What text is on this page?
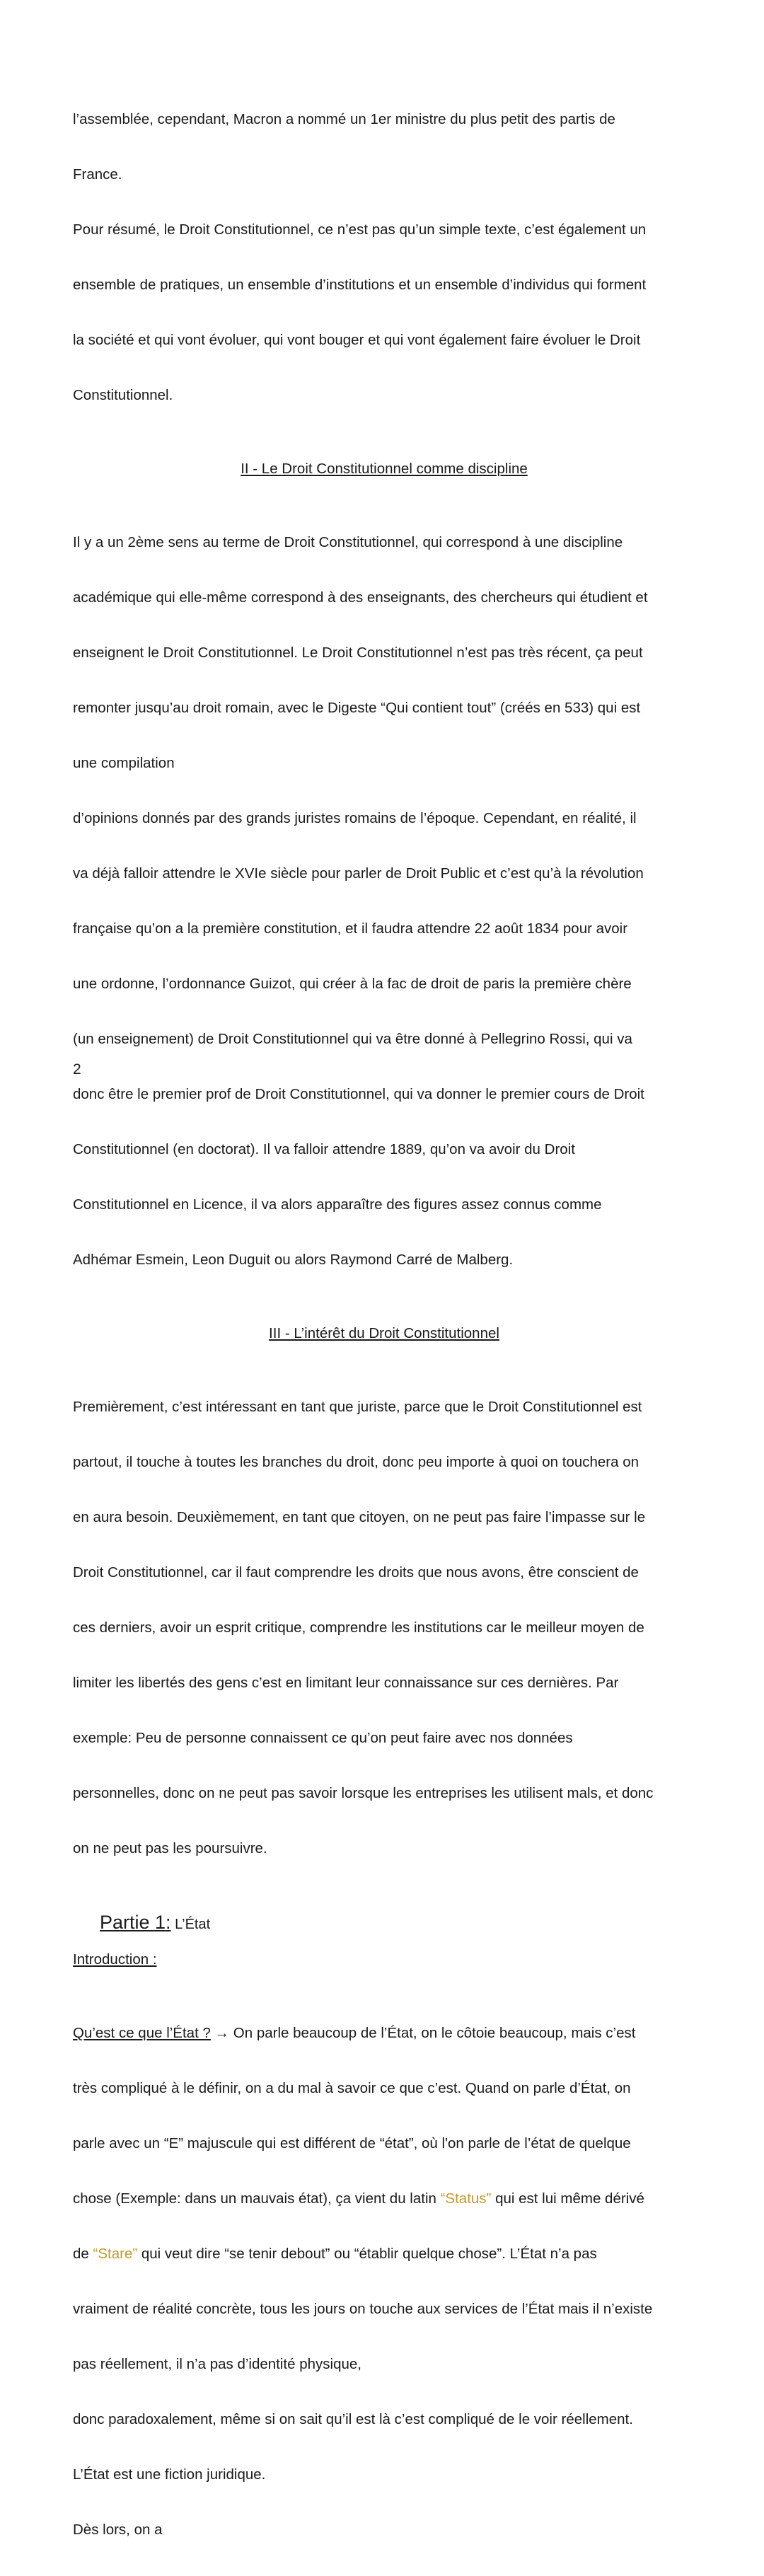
l’assemblée, cependant, Macron a nommé un 1er ministre du plus petit des partis de

France.

Pour résumé, le Droit Constitutionnel, ce n’est pas qu’un simple texte, c’est également un

ensemble de pratiques, un ensemble d’institutions et un ensemble d’individus qui forment

la société et qui vont évoluer, qui vont bouger et qui vont également faire évoluer le Droit

Constitutionnel.

II - Le Droit Constitutionnel comme discipline

Il y a un 2ème sens au terme de Droit Constitutionnel, qui correspond à une discipline

académique qui elle-même correspond à des enseignants, des chercheurs qui étudient et

enseignent le Droit Constitutionnel. Le Droit Constitutionnel n’est pas très récent, ça peut

remonter jusqu’au droit romain, avec le Digeste “Qui contient tout” (créés en 533) qui est

une compilation

d’opinions donnés par des grands juristes romains de l’époque. Cependant, en réalité, il

va déjà falloir attendre le XVIe siècle pour parler de Droit Public et c’est qu’à la révolution

française qu’on a la première constitution, et il faudra attendre 22 août 1834 pour avoir

une ordonne, l’ordonnance Guizot, qui créer à la fac de droit de paris la première chère

(un enseignement) de Droit Constitutionnel qui va être donné à Pellegrino Rossi, qui va

donc être le premier prof de Droit Constitutionnel, qui va donner le premier cours de Droit

Constitutionnel (en doctorat). Il va falloir attendre 1889, qu’on va avoir du Droit

Constitutionnel en Licence, il va alors apparaître des figures assez connus comme

Adhémar Esmein, Leon Duguit ou alors Raymond Carré de Malberg.

III - L’intérêt du Droit Constitutionnel

Premièrement, c’est intéressant en tant que juriste, parce que le Droit Constitutionnel est

partout, il touche à toutes les branches du droit, donc peu importe à quoi on touchera on

en aura besoin. Deuxièmement, en tant que citoyen, on ne peut pas faire l’impasse sur le

Droit Constitutionnel, car il faut comprendre les droits que nous avons, être conscient de

ces derniers, avoir un esprit critique, comprendre les institutions car le meilleur moyen de

limiter les libertés des gens c’est en limitant leur connaissance sur ces dernières. Par

exemple: Peu de personne connaissent ce qu’on peut faire avec nos données

personnelles, donc on ne peut pas savoir lorsque les entreprises les utilisent mals, et donc

on ne peut pas les poursuivre.

Partie 1: L’État

Introduction :

Qu’est ce que l’État ? → On parle beaucoup de l’État, on le côtoie beaucoup, mais c’est

très compliqué à le définir, on a du mal à savoir ce que c’est. Quand on parle d’État, on

parle avec un “E” majuscule qui est différent de “état”, où l'on parle de l’état de quelque

chose (Exemple: dans un mauvais état), ça vient du latin “Status” qui est lui même dérivé

de “Stare” qui veut dire “se tenir debout” ou “établir quelque chose”. L’État n’a pas

vraiment de réalité concrète, tous les jours on touche aux services de l’État mais il n’existe

pas réellement, il n’a pas d’identité physique,

donc paradoxalement, même si on sait qu’il est là c’est compliqué de le voir réellement.

L’État est une fiction juridique.

Dès lors, on a

2
